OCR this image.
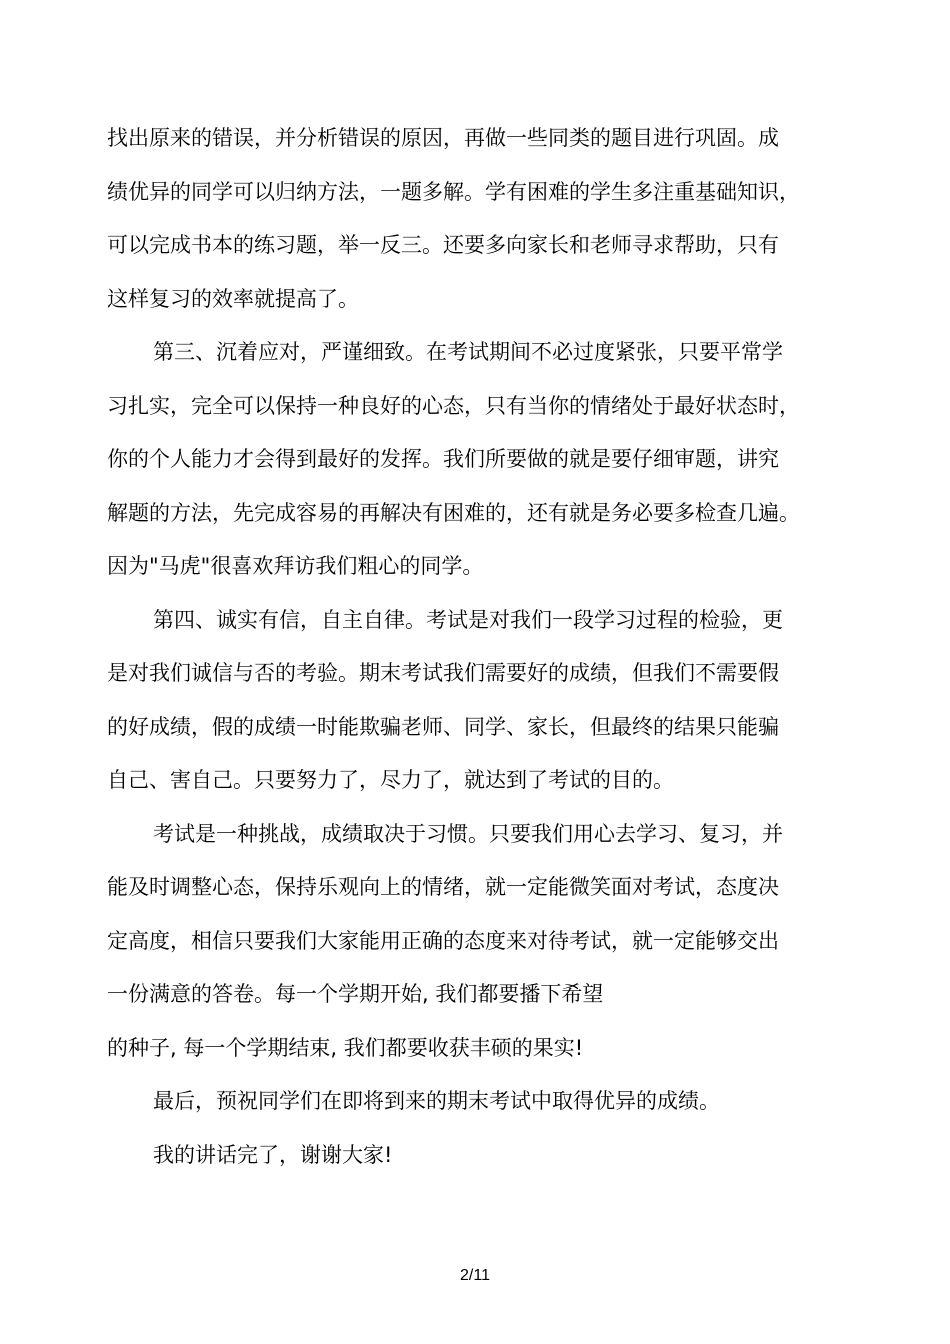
找出原来的错误，并分析错误的原因，再做一些同类的题目进行巩固。成
绩优异的同学可以归纳方法，一题多解。学有困难的学生多注重基础知识，
可以完成书本的练习题，举一反三。还要多向家长和老师寻求帮助，只有
这样复习的效率就提高了。
第三、沉着应对，严谨细致。在考试期间不必过度紧张，只要平常学
习扎实，完全可以保持一种良好的心态，只有当你的情绪处于最好状态时，
你的个人能力才会得到最好的发挥。我们所要做的就是要仔细审题，讲究
解题的方法，先完成容易的再解决有困难的，还有就是务必要多检查几遍。
因为"马虎"很喜欢拜访我们粗心的同学。
第四、诚实有信，自主自律。考试是对我们一段学习过程的检验，更
是对我们诚信与否的考验。期末考试我们需要好的成绩，但我们不需要假
的好成绩，假的成绩一时能欺骗老师、同学、家长，但最终的结果只能骗
自己、害自己。只要努力了，尽力了，就达到了考试的目的。
考试是一种挑战，成绩取决于习惯。只要我们用心去学习、复习，并
能及时调整心态，保持乐观向上的情绪，就一定能微笑面对考试，态度决
定高度，相信只要我们大家能用正确的态度来对待考试，就一定能够交出
一份满意的答卷。每一个学期开始, 我们都要播下希望
的种子, 每一个学期结束, 我们都要收获丰硕的果实!
最后，预祝同学们在即将到来的期末考试中取得优异的成绩。
我的讲话完了，谢谢大家!
2/11
